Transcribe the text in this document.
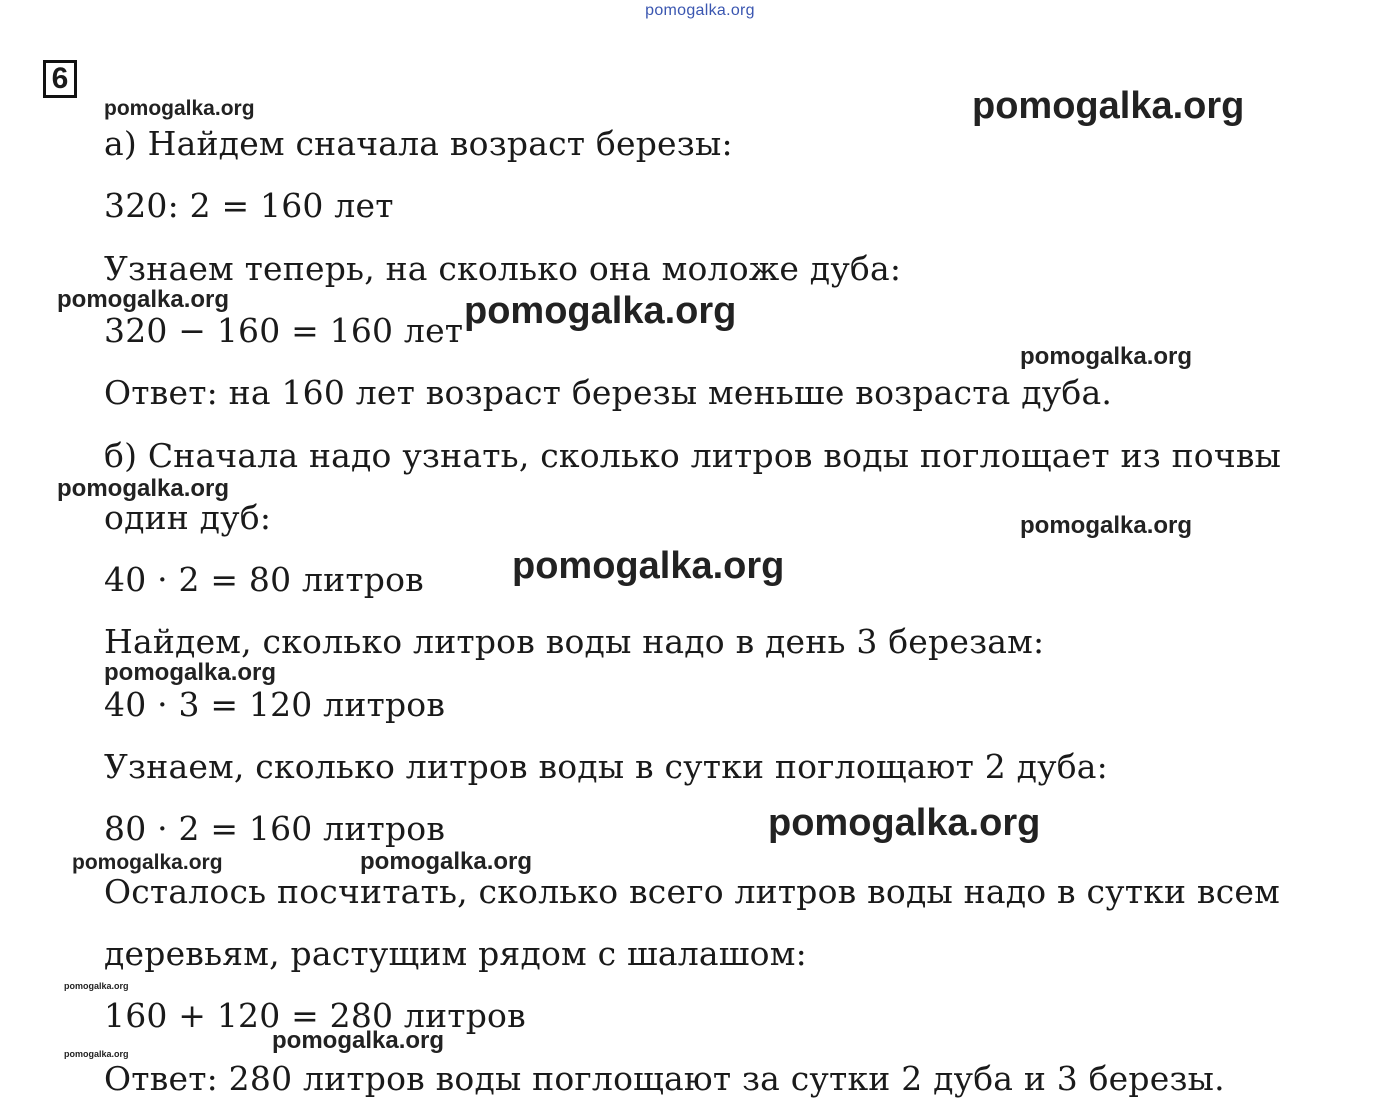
pomogalka.org
6
а) Найдем сначала возраст березы:
320: 2 = 160 лет
Узнаем теперь, на сколько она моложе дуба:
320 − 160 = 160 лет
Ответ: на 160 лет возраст березы меньше возраста дуба.
б) Сначала надо узнать, сколько литров воды поглощает из почвы
один дуб:
40 · 2 = 80 литров
Найдем, сколько литров воды надо в день 3 березам:
40 · 3 = 120 литров
Узнаем, сколько литров воды в сутки поглощают 2 дуба:
80 · 2 = 160 литров
Осталось посчитать, сколько всего литров воды надо в сутки всем
деревьям, растущим рядом с шалашом:
160 + 120 = 280 литров
Ответ: 280 литров воды поглощают за сутки 2 дуба и 3 березы.
pomogalka.org	pomogalka.org
pomogalka.org	pomogalka.org
pomogalka.org
pomogalka.org
pomogalka.org
pomogalka.org
pomogalka.org
pomogalka.org
pomogalka.org	pomogalka.org
pomogalka.org
pomogalka.org
pomogalka.org
